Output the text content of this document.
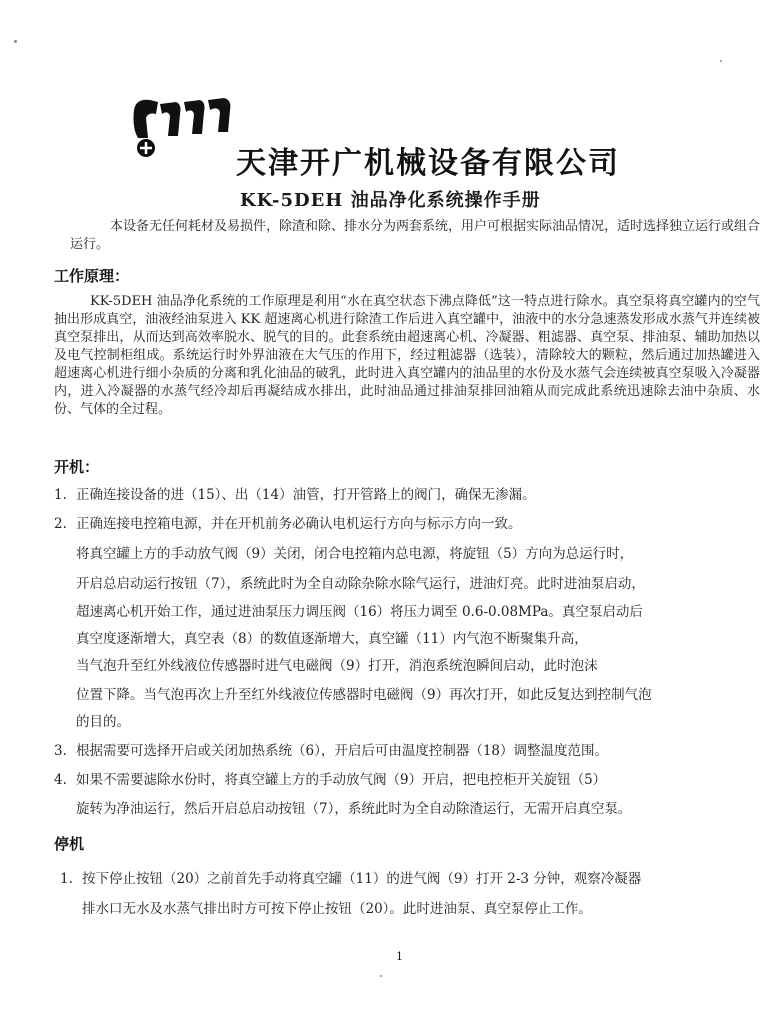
天津开广机械设备有限公司
KK-5DEH 油品净化系统操作手册
本设备无任何耗材及易损件，除渣和除、排水分为两套系统，用户可根据实际油品情况，适时选择独立运行或组合运行。
工作原理：
KK-5DEH 油品净化系统的工作原理是利用“水在真空状态下沸点降低”这一特点进行除水。真空泵将真空罐内的空气抽出形成真空，油液经油泵进入 KK 超速离心机进行除渣工作后进入真空罐中，油液中的水分急速蒸发形成水蒸气并连续被真空泵排出，从而达到高效率脱水、脱气的目的。此套系统由超速离心机、冷凝器、粗滤器、真空泵、排油泵、辅助加热以及电气控制柜组成。系统运行时外界油液在大气压的作用下，经过粗滤器（选装），清除较大的颗粒，然后通过加热罐进入超速离心机进行细小杂质的分离和乳化油品的破乳，此时进入真空罐内的油品里的水份及水蒸气会连续被真空泵吸入冷凝器内，进入冷凝器的水蒸气经冷却后再凝结成水排出，此时油品通过排油泵排回油箱从而完成此系统迅速除去油中杂质、水份、气体的全过程。
开机：
1. 正确连接设备的进（15）、出（14）油管，打开管路上的阀门，确保无渗漏。
2. 正确连接电控箱电源，并在开机前务必确认电机运行方向与标示方向一致。
将真空罐上方的手动放气阀（9）关闭，闭合电控箱内总电源，将旋钮（5）方向为总运行时，
开启总启动运行按钮（7），系统此时为全自动除杂除水除气运行，进油灯亮。此时进油泵启动，
超速离心机开始工作，通过进油泵压力调压阀（16）将压力调至 0.6-0.08MPa。真空泵启动后
真空度逐渐增大，真空表（8）的数值逐渐增大，真空罐（11）内气泡不断聚集升高，
当气泡升至红外线液位传感器时进气电磁阀（9）打开，消泡系统泡瞬间启动，此时泡沫
位置下降。当气泡再次上升至红外线液位传感器时电磁阀（9）再次打开，如此反复达到控制气泡
的目的。
3. 根据需要可选择开启或关闭加热系统（6），开启后可由温度控制器（18）调整温度范围。
4. 如果不需要滤除水份时，将真空罐上方的手动放气阀（9）开启，把电控柜开关旋钮（5）
旋转为净油运行，然后开启总启动按钮（7），系统此时为全自动除渣运行，无需开启真空泵。
停机
1. 按下停止按钮（20）之前首先手动将真空罐（11）的进气阀（9）打开 2-3 分钟，观察冷凝器
排水口无水及水蒸气排出时方可按下停止按钮（20）。此时进油泵、真空泵停止工作。
1
